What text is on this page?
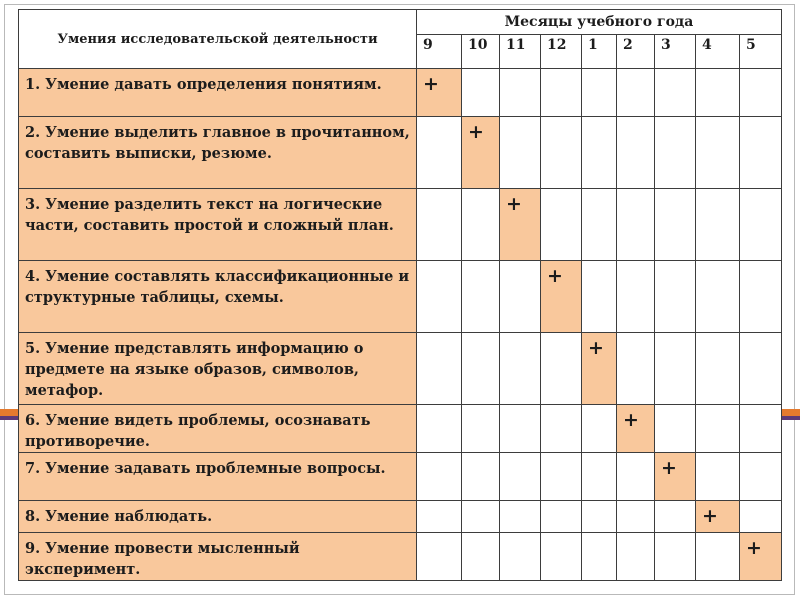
Умения исследовательской деятельности	Месяцы учебного года								
	9	10	11	12	1	2	3	4	5
1. Умение давать определения понятиям.	+								
2. Умение выделить главное в прочитанном, составить выписки, резюме.		+							
3. Умение разделить текст на логические части, составить простой и сложный план.			+						
4. Умение составлять классификационные и структурные таблицы, схемы.				+					
5. Умение представлять информацию о предмете на языке образов, символов, метафор.					+				
6. Умение видеть проблемы, осознавать противоречие.						+			
7. Умение задавать проблемные вопросы.							+		
8. Умение наблюдать.								+	
9. Умение провести мысленный эксперимент.									+
